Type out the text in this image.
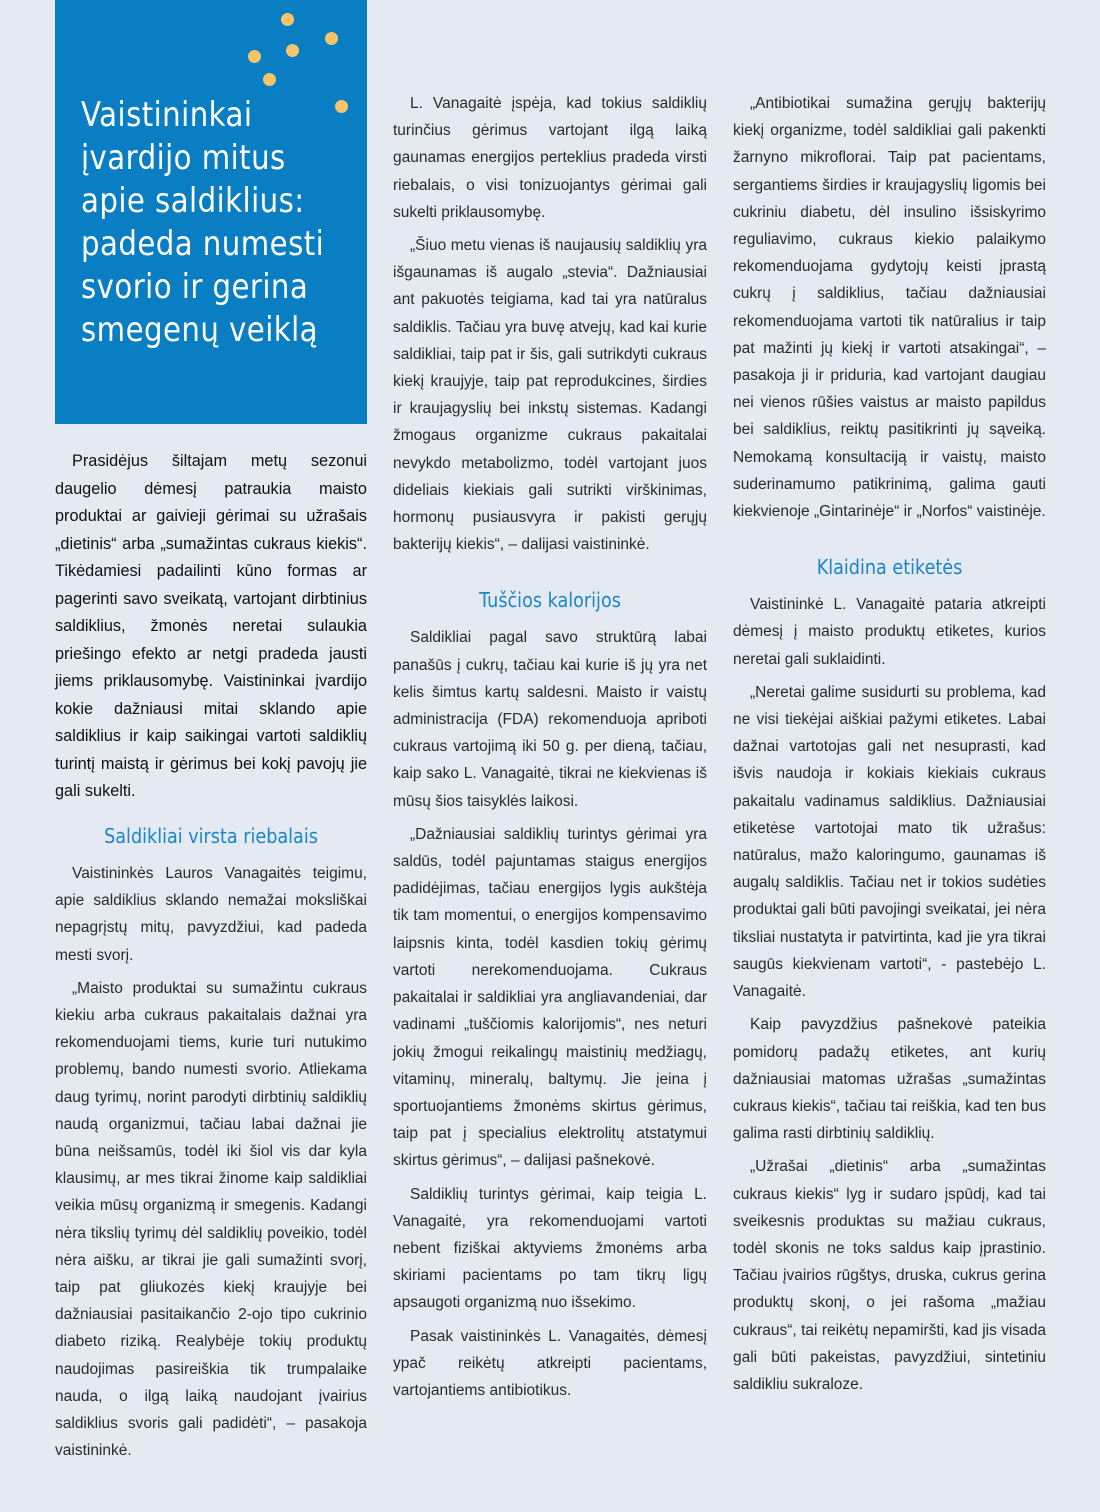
Vaistininkai įvardijo mitus apie saldiklius: padeda numesti svorio ir gerina smegenų veiklą

Prasidėjus šiltajam metų sezonui daugelio dėmesį patraukia maisto produktai ar gaivieji gėrimai su užrašais „dietinis“ arba „sumažintas cukraus kiekis“. Tikėdamiesi padailinti kūno formas ar pagerinti savo sveikatą, vartojant dirbtinius saldiklius, žmonės neretai sulaukia priešingo efekto ar netgi pradeda jausti jiems priklausomybę. Vaistininkai įvardijo kokie dažniausi mitai sklando apie saldiklius ir kaip saikingai vartoti saldiklių turintį maistą ir gėrimus bei kokį pavojų jie gali sukelti.

Saldikliai virsta riebalais

Vaistininkės Lauros Vanagaitės teigimu, apie saldiklius sklando nemažai moksliškai nepagrįstų mitų, pavyzdžiui, kad padeda mesti svorį.

„Maisto produktai su sumažintu cukraus kiekiu arba cukraus pakaitalais dažnai yra rekomenduojami tiems, kurie turi nutukimo problemų, bando numesti svorio. Atliekama daug tyrimų, norint parodyti dirbtinių saldiklių naudą organizmui, tačiau labai dažnai jie būna neišsamūs, todėl iki šiol vis dar kyla klausimų, ar mes tikrai žinome kaip saldikliai veikia mūsų organizmą ir smegenis. Kadangi nėra tikslių tyrimų dėl saldiklių poveikio, todėl nėra aišku, ar tikrai jie gali sumažinti svorį, taip pat gliukozės kiekį kraujyje bei dažniausiai pasitaikančio 2-ojo tipo cukrinio diabeto riziką. Realybėje tokių produktų naudojimas pasireiškia tik trumpalaike nauda, o ilgą laiką naudojant įvairius saldiklius svoris gali padidėti“, – pasakoja vaistininkė.

L. Vanagaitė įspėja, kad tokius saldiklių turinčius gėrimus vartojant ilgą laiką gaunamas energijos perteklius pradeda virsti riebalais, o visi tonizuojantys gėrimai gali sukelti priklausomybę.

„Šiuo metu vienas iš naujausių saldiklių yra išgaunamas iš augalo „stevia“. Dažniausiai ant pakuotės teigiama, kad tai yra natūralus saldiklis. Tačiau yra buvę atvejų, kad kai kurie saldikliai, taip pat ir šis, gali sutrikdyti cukraus kiekį kraujyje, taip pat reprodukcines, širdies ir kraujagyslių bei inkstų sistemas. Kadangi žmogaus organizme cukraus pakaitalai nevykdo metabolizmo, todėl vartojant juos dideliais kiekiais gali sutrikti virškinimas, hormonų pusiausvyra ir pakisti gerųjų bakterijų kiekis“, – dalijasi vaistininkė.

Tuščios kalorijos

Saldikliai pagal savo struktūrą labai panašūs į cukrų, tačiau kai kurie iš jų yra net kelis šimtus kartų saldesni. Maisto ir vaistų administracija (FDA) rekomenduoja apriboti cukraus vartojimą iki 50 g. per dieną, tačiau, kaip sako L. Vanagaitė, tikrai ne kiekvienas iš mūsų šios taisyklės laikosi.

„Dažniausiai saldiklių turintys gėrimai yra saldūs, todėl pajuntamas staigus energijos padidėjimas, tačiau energijos lygis aukštėja tik tam momentui, o energijos kompensavimo laipsnis kinta, todėl kasdien tokių gėrimų vartoti nerekomenduojama. Cukraus pakaitalai ir saldikliai yra angliavandeniai, dar vadinami „tuščiomis kalorijomis“, nes neturi jokių žmogui reikalingų maistinių medžiagų, vitaminų, mineralų, baltymų. Jie įeina į sportuojantiems žmonėms skirtus gėrimus, taip pat į specialius elektrolitų atstatymui skirtus gėrimus“, – dalijasi pašnekovė.

Saldiklių turintys gėrimai, kaip teigia L. Vanagaitė, yra rekomenduojami vartoti nebent fiziškai aktyviems žmonėms arba skiriami pacientams po tam tikrų ligų apsaugoti organizmą nuo išsekimo.

Pasak vaistininkės L. Vanagaitės, dėmesį ypač reikėtų atkreipti pacientams, vartojantiems antibiotikus.

„Antibiotikai sumažina gerųjų bakterijų kiekį organizme, todėl saldikliai gali pakenkti žarnyno mikroflorai. Taip pat pacientams, sergantiems širdies ir kraujagyslių ligomis bei cukriniu diabetu, dėl insulino išsiskyrimo reguliavimo, cukraus kiekio palaikymo rekomenduojama gydytojų keisti įprastą cukrų į saldiklius, tačiau dažniausiai rekomenduojama vartoti tik natūralius ir taip pat mažinti jų kiekį ir vartoti atsakingai“, – pasakoja ji ir priduria, kad vartojant daugiau nei vienos rūšies vaistus ar maisto papildus bei saldiklius, reiktų pasitikrinti jų sąveiką. Nemokamą konsultaciją ir vaistų, maisto suderinamumo patikrinimą, galima gauti kiekvienoje „Gintarinėje“ ir „Norfos“ vaistinėje.

Klaidina etiketės

Vaistininkė L. Vanagaitė pataria atkreipti dėmesį į maisto produktų etiketes, kurios neretai gali suklaidinti.

„Neretai galime susidurti su problema, kad ne visi tiekėjai aiškiai pažymi etiketes. Labai dažnai vartotojas gali net nesuprasti, kad išvis naudoja ir kokiais kiekiais cukraus pakaitalu vadinamus saldiklius. Dažniausiai etiketėse vartotojai mato tik užrašus: natūralus, mažo kaloringumo, gaunamas iš augalų saldiklis. Tačiau net ir tokios sudėties produktai gali būti pavojingi sveikatai, jei nėra tiksliai nustatyta ir patvirtinta, kad jie yra tikrai saugūs kiekvienam vartoti“, - pastebėjo L. Vanagaitė.

Kaip pavyzdžius pašnekovė pateikia pomidorų padažų etiketes, ant kurių dažniausiai matomas užrašas „sumažintas cukraus kiekis“, tačiau tai reiškia, kad ten bus galima rasti dirbtinių saldiklių.

„Užrašai „dietinis“ arba „sumažintas cukraus kiekis“ lyg ir sudaro įspūdį, kad tai sveikesnis produktas su mažiau cukraus, todėl skonis ne toks saldus kaip įprastinio. Tačiau įvairios rūgštys, druska, cukrus gerina produktų skonį, o jei rašoma „mažiau cukraus“, tai reikėtų nepamiršti, kad jis visada gali būti pakeistas, pavyzdžiui, sintetiniu saldikliu sukraloze.
